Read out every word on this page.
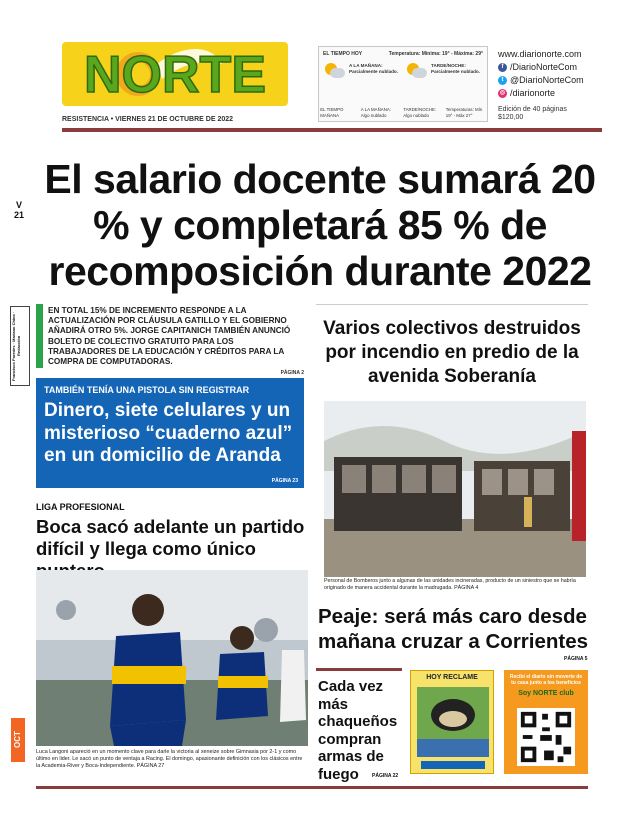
NORTE
RESISTENCIA • VIERNES 21 DE OCTUBRE DE 2022
EL TIEMPO HOY	Temperatura: Mínima: 19° - Máxima: 29°
A LA MAÑANA: Parcialmente nublado.
TARDE/NOCHE: Parcialmente nublado.
EL TIEMPO MAÑANA
A LA MAÑANA: Algo nublado
TARDE/NOCHE: Algo nublado
Temperaturas: Mín 19° - Máx 27°
www.diarionorte.com
f /DiarioNorteCom
t @DiarioNorteCom
◎ /diarionorte
Edición de 40 páginas
$120,00
V
21
Francisco Paredes · Mariano Chino · Redacción
OCT
El salario docente sumará 20 % y completará 85 % de recomposición durante 2022
EN TOTAL 15% DE INCREMENTO RESPONDE A LA ACTUALIZACIÓN POR CLÁUSULA GATILLO Y EL GOBIERNO AÑADIRÁ OTRO 5%. JORGE CAPITANICH TAMBIÉN ANUNCIÓ BOLETO DE COLECTIVO GRATUITO PARA LOS TRABAJADORES DE LA EDUCACIÓN Y CRÉDITOS PARA LA COMPRA DE COMPUTADORAS.
PÁGINA 2
TAMBIÉN TENÍA UNA PISTOLA SIN REGISTRAR
Dinero, siete celulares y un misterioso “cuaderno azul” en un domicilio de Aranda
PÁGINA 23
LIGA PROFESIONAL
Boca sacó adelante un partido difícil y llega como único
Luca Langoni apareció en un momento clave para darle la victoria al xeneize sobre Gimnasia por 2-1 y como último en lider. Le sacó un punto de ventaja a Racing. El domingo, apasionante definición con los clásicos entre la Academia-River y Boca-Independiente. PÁGINA 27
Varios colectivos destruidos por incendio en predio de la avenida Soberanía
Personal de Bomberos junto a algunas de las unidades incineradas, producto de un siniestro que se habría originado de manera accidental durante la madrugada. PÁGINA 4
Peaje: será más caro desde mañana cruzar a Corrientes
PÁGINA 5
Cada vez más chaqueños compran armas de fuego	PÁGINA 22
HOY RECLAME	Recibí el diario sin moverte de tu casa junto a los beneficios
Soy NORTE club
